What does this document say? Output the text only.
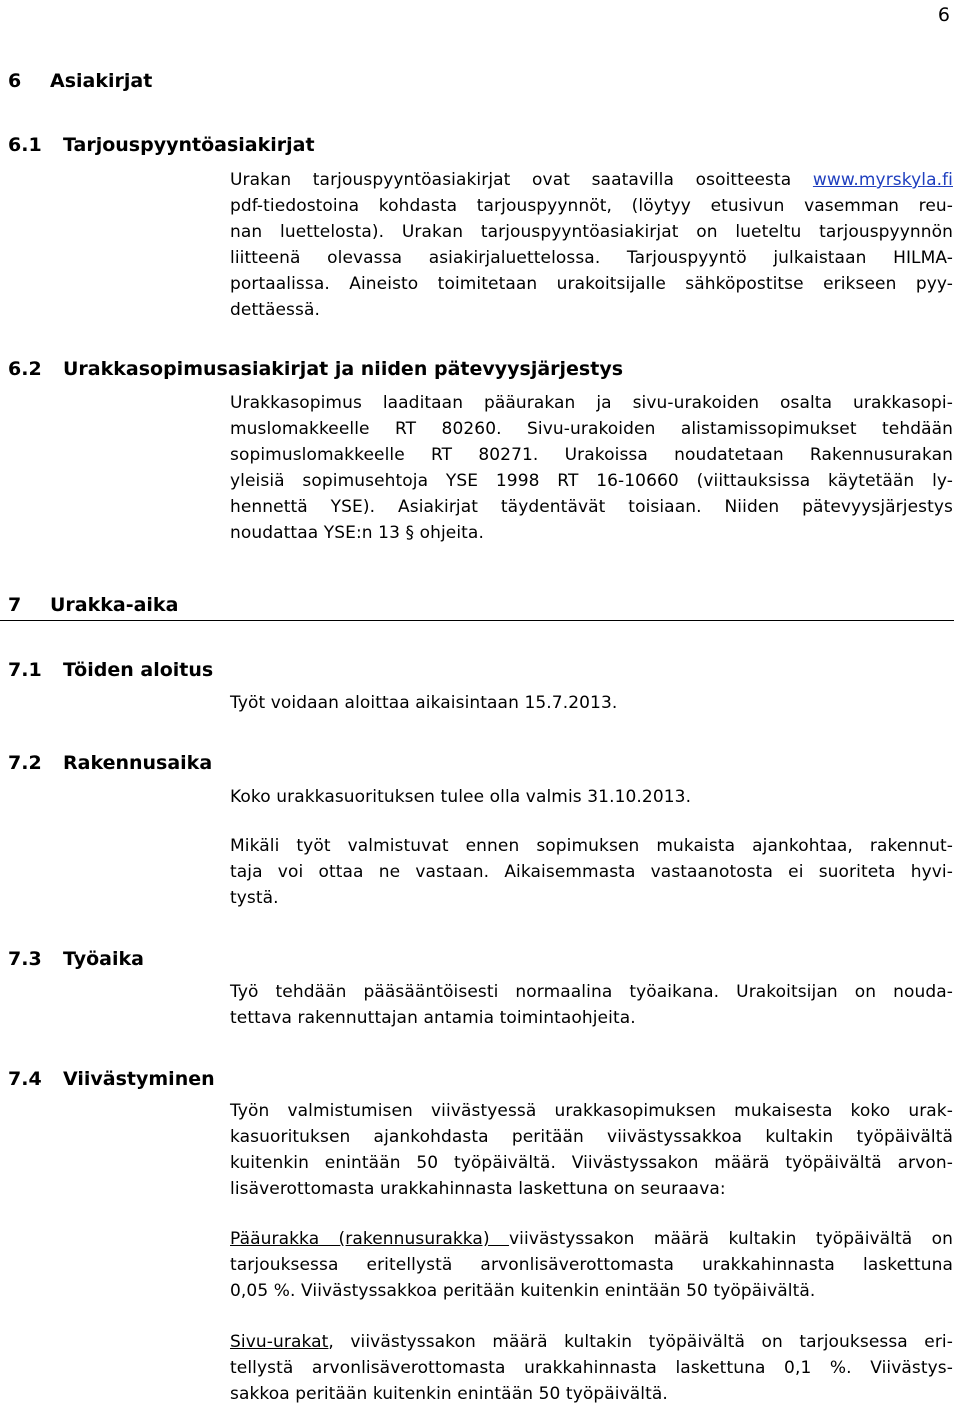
6
6 Asiakirjat
6.1 Tarjouspyyntöasiakirjat
Urakan tarjouspyyntöasiakirjat ovat saatavilla osoitteesta www.myrskyla.fi
pdf-tiedostoina kohdasta tarjouspyynnöt, (löytyy etusivun vasemman reu-
nan luettelosta). Urakan tarjouspyyntöasiakirjat on lueteltu tarjouspyynnön
liitteenä olevassa asiakirjaluettelossa. Tarjouspyyntö julkaistaan HILMA-
portaalissa. Aineisto toimitetaan urakoitsijalle sähköpostitse erikseen pyy-
dettäessä.
6.2 Urakkasopimusasiakirjat ja niiden pätevyysjärjestys
Urakkasopimus laaditaan pääurakan ja sivu-urakoiden osalta urakkasopi-
muslomakkeelle RT 80260. Sivu-urakoiden alistamissopimukset tehdään
sopimuslomakkeelle RT 80271. Urakoissa noudatetaan Rakennusurakan
yleisiä sopimusehtoja YSE 1998 RT 16-10660 (viittauksissa käytetään ly-
hennettä YSE). Asiakirjat täydentävät toisiaan. Niiden pätevyysjärjestys
noudattaa YSE:n 13 § ohjeita.
7 Urakka-aika
7.1 Töiden aloitus
Työt voidaan aloittaa aikaisintaan 15.7.2013.
7.2 Rakennusaika
Koko urakkasuorituksen tulee olla valmis 31.10.2013.
Mikäli työt valmistuvat ennen sopimuksen mukaista ajankohtaa, rakennut-
taja voi ottaa ne vastaan. Aikaisemmasta vastaanotosta ei suoriteta hyvi-
tystä.
7.3 Työaika
Työ tehdään pääsääntöisesti normaalina työaikana. Urakoitsijan on nouda-
tettava rakennuttajan antamia toimintaohjeita.
7.4 Viivästyminen
Työn valmistumisen viivästyessä urakkasopimuksen mukaisesta koko urak-
kasuorituksen ajankohdasta peritään viivästyssakkoa kultakin työpäivältä
kuitenkin enintään 50 työpäivältä. Viivästyssakon määrä työpäivältä arvon-
lisäverottomasta urakkahinnasta laskettuna on seuraava:
Pääurakka (rakennusurakka) viivästyssakon määrä kultakin työpäivältä on
tarjouksessa eritellystä arvonlisäverottomasta urakkahinnasta laskettuna
0,05 %. Viivästyssakkoa peritään kuitenkin enintään 50 työpäivältä.
Sivu-urakat, viivästyssakon määrä kultakin työpäivältä on tarjouksessa eri-
tellystä arvonlisäverottomasta urakkahinnasta laskettuna 0,1 %. Viivästys-
sakkoa peritään kuitenkin enintään 50 työpäivältä.
